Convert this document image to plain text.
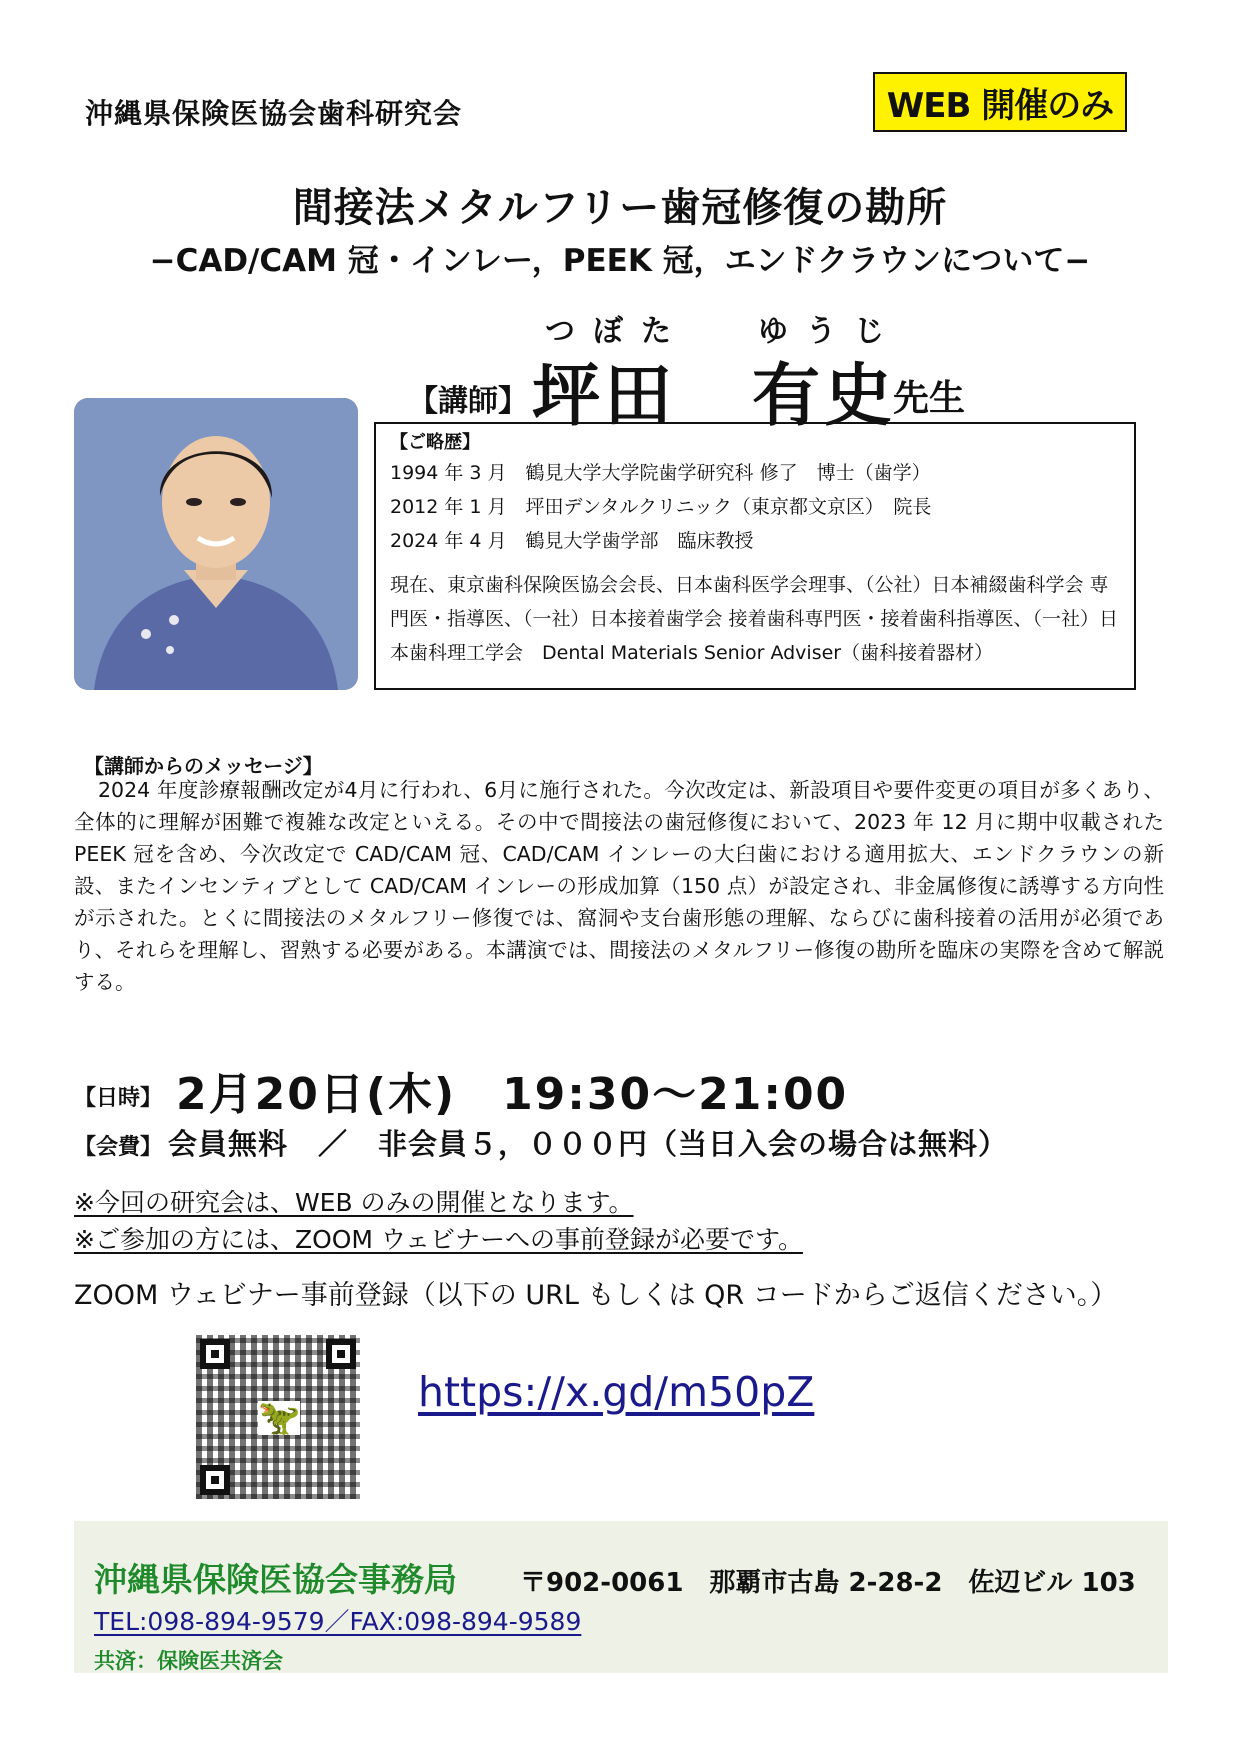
沖縄県保険医協会歯科研究会	WEB 開催のみ
間接法メタルフリー歯冠修復の勘所
−CAD/CAM 冠・インレー，PEEK 冠，エンドクラウンについて−
つぼた ゆうじ
【講師】 坪田 有史
先生
【ご略歴】
1994 年 3 月　鶴見大学大学院歯学研究科 修了　博士（歯学）
2012 年 1 月　坪田デンタルクリニック（東京都文京区）　院長
2024 年 4 月　鶴見大学歯学部　臨床教授
現在、東京歯科保険医協会会長、日本歯科医学会理事、（公社）日本補綴歯科学会 専門医・指導医、（一社）日本接着歯学会 接着歯科専門医・接着歯科指導医、（一社）日本歯科理工学会　Dental Materials Senior Adviser（歯科接着器材）
【講師からのメッセージ】
2024 年度診療報酬改定が4月に行われ、6月に施行された。今次改定は、新設項目や要件変更の項目が多くあり、全体的に理解が困難で複雑な改定といえる。その中で間接法の歯冠修復において、2023 年 12 月に期中収載された PEEK 冠を含め、今次改定で CAD/CAM 冠、CAD/CAM インレーの大臼歯における適用拡大、エンドクラウンの新設、またインセンティブとして CAD/CAM インレーの形成加算（150 点）が設定され、非金属修復に誘導する方向性が示された。とくに間接法のメタルフリー修復では、窩洞や支台歯形態の理解、ならびに歯科接着の活用が必須であり、それらを理解し、習熟する必要がある。本講演では、間接法のメタルフリー修復の勘所を臨床の実際を含めて解説する。
【日時】 2月20日(木)　19:30〜21:00
【会費】 会員無料　／　非会員５，０００円（当日入会の場合は無料）
※今回の研究会は、WEB のみの開催となります。
※ご参加の方には、ZOOM ウェビナーへの事前登録が必要です。
ZOOM ウェビナー事前登録（以下の URL もしくは QR コードからご返信ください。）
🦖
https://x.gd/m50pZ
沖縄県保険医協会事務局 〒902-0061　那覇市古島 2-28-2　佐辺ビル 103
TEL:098-894-9579／FAX:098-894-9589
共済：保険医共済会
